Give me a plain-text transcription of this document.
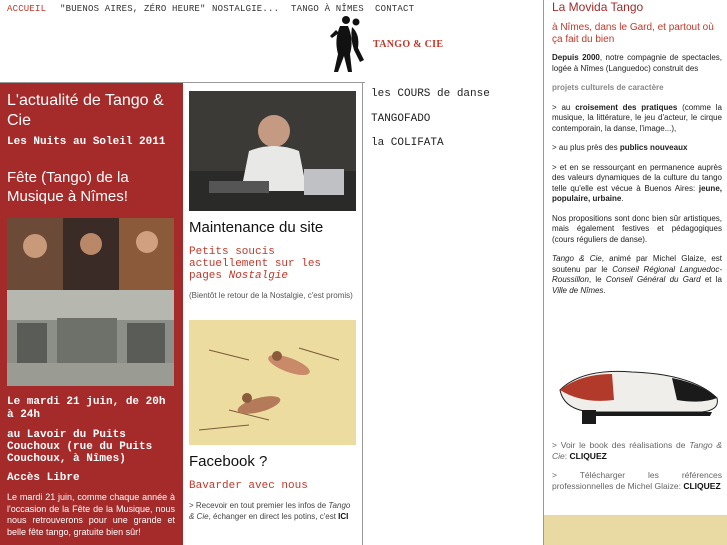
ACCUEIL "BUENOS AIRES, ZÉRO HEURE" NOSTALGIE... TANGO À NÎMES CONTACT
TANGO & CIE
L'actualité de Tango & Cie
Les Nuits au Soleil 2011
Fête (Tango) de la Musique à Nîmes!
Le mardi 21 juin, de 20h à 24h
au Lavoir du Puits Couchoux (rue du Puits Couchoux, à Nîmes)
Accès Libre
Le mardi 21 juin, comme chaque année à l'occasion de la Fête de la Musique, nous nous retrouverons pour une grande et belle fête tango, gratuite bien sûr!
Maintenance du site
Petits soucis actuellement sur les pages Nostalgie
(Bientôt le retour de la Nostalgie, c'est promis)
Facebook ?
Bavarder avec nous
> Recevoir en tout premier les infos de Tango & Cie, échanger en direct les potins, c'est ICI
les COURS de danse
TANGOFADO
la COLIFATA
La Movida Tango
à Nîmes, dans le Gard, et partout où ça fait du bien

Depuis 2000, notre compagnie de spectacles, logée à Nîmes (Languedoc) construit des

projets culturels de caractère

> au croisement des pratiques (comme la musique, la littérature, le jeu d'acteur, le cirque contemporain, la danse, l'image...),

> au plus près des publics nouveaux

> et en se ressourçant en permanence auprès des valeurs dynamiques de la culture du tango telle qu'elle est vécue à Buenos Aires: jeune, populaire, urbaine.

Nos propositions sont donc bien sûr artistiques, mais également festives et pédagogiques (cours réguliers de danse).

Tango & Cie, animé par Michel Glaize, est soutenu par le Conseil Régional Languedoc-Roussillon, le Conseil Général du Gard et la Ville de Nîmes.

> Voir le book des réalisations de Tango & Cie: CLIQUEZ

> Télécharger les références professionnelles de Michel Glaize: CLIQUEZ
